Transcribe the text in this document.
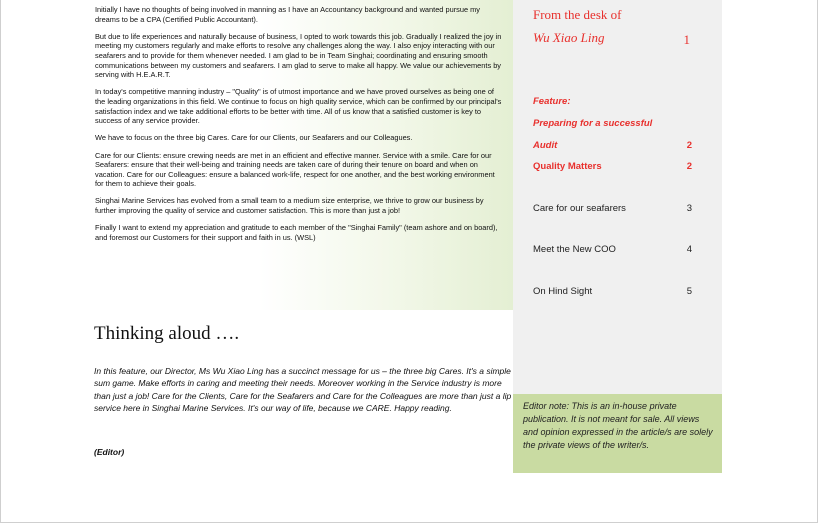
Initially I have no thoughts of being involved in manning as I have an Accountancy background and wanted pursue my dreams to be a CPA (Certified Public Accountant).

But due to life experiences and naturally because of business, I opted to work towards this job. Gradually I realized the joy in meeting my customers regularly and make efforts to resolve any challenges along the way. I also enjoy interacting with our seafarers and to provide for them whenever needed. I am glad to be in Team Singhai; coordinating and ensuring smooth communications between my customers and seafarers. I am glad to serve to make all happy. We value our achievements by serving with H.E.A.R.T.

In today's competitive manning industry – "Quality" is of utmost importance and we have proved ourselves as being one of the leading organizations in this field. We continue to focus on high quality service, which can be confirmed by our principal's satisfaction index and we take additional efforts to be better with time. All of us know that a satisfied customer is key to success of any service provider.

We have to focus on the three big Cares. Care for our Clients, our Seafarers and our Colleagues.

Care for our Clients: ensure crewing needs are met in an efficient and effective manner. Service with a smile. Care for our Seafarers: ensure that their well-being and training needs are taken care of during their tenure on board and when on vacation. Care for our Colleagues: ensure a balanced work-life, respect for one another, and the best working environment for them to achieve their goals.

Singhai Marine Services has evolved from a small team to a medium size enterprise, we thrive to grow our business by further improving the quality of service and customer satisfaction. This is more than just a job!

Finally I want to extend my appreciation and gratitude to each member of the "Singhai Family" (team ashore and on board), and foremost our Customers for their support and faith in us. (WSL)

Thinking aloud ….

In this feature, our Director, Ms Wu Xiao Ling has a succinct message for us – the three big Cares. It's a simple sum game. Make efforts in caring and meeting their needs. Moreover working in the Service industry is more than just a job! Care for the Clients, Care for the Seafarers and Care for the Colleagues are more than just a lip service here in Singhai Marine Services. It's our way of life, because we CARE. Happy reading.

(Editor)
From the desk of
Wu Xiao Ling	1
Feature:
Preparing for a successful
Audit	2
Quality Matters	2
Care for our seafarers	3
Meet the New COO	4
On Hind Sight	5

Editor note: This is an in-house private publication. It is not meant for sale. All views and opinion expressed in the article/s are solely the private views of the writer/s.
